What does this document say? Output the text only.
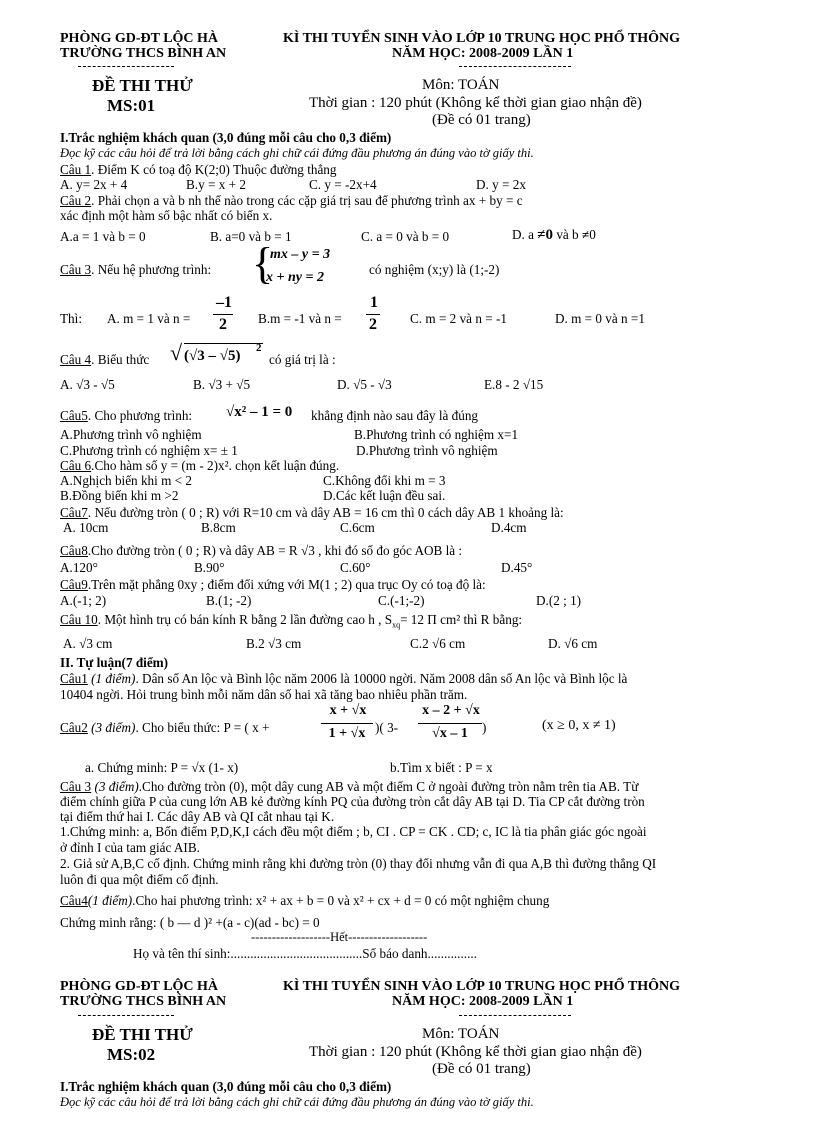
PHÒNG GD-ĐT LỘC HÀ
TRƯỜNG THCS BÌNH AN
KÌ THI TUYỂN SINH VÀO LỚP 10 TRUNG HỌC PHỔ THÔNG
NĂM HỌC: 2008-2009 LẦN 1
ĐỀ THI THỬ
MS:01
Môn: TOÁN
Thời gian : 120 phút (Không kể thời gian giao nhận đề)
(Đề có 01 trang)
I.Trắc nghiệm khách quan (3,0 đúng mỗi câu cho 0,3 điểm)
Đọc kỹ các câu hỏi để trả lời bằng cách ghi chữ cái đứng đầu phương án đúng vào tờ giấy thi.
Câu 1. Điểm K có toạ độ K(2;0) Thuộc đường thẳng
A. y= 2x + 4	B.y = x + 2	C. y = -2x+4	D. y = 2x
Câu 2. Phải chọn a và b nh thế nào trong các cặp giá trị sau để phương trình ax + by = c
xác định một hàm số bậc nhất có biến x.
A.a = 1 và b = 0	B. a=0 và b = 1	C. a = 0 và b = 0	D. a ≠0 và b ≠0
Câu 3. Nếu hệ phương trình: {
mx – y = 3
x + ny = 2
có nghiệm (x;y) là (1;-2)
Thì: A. m = 1 và n =
–1
2	B.m = -1 và n =
1
2	C. m = 2 và n = -1	D. m = 0 và n =1
Câu 4. Biểu thức √ (√3 – √5) 2
có giá trị là :
A. √3 - √5	B. √3 + √5	D. √5 - √3	E.8 - 2 √15
Câu5. Cho phương trình: √x² – 1 = 0 khẳng định nào sau đây là đúng
A.Phương trình vô nghiệm	B.Phương trình có nghiệm x=1
C.Phương trình có nghiệm x= ± 1	D.Phương trình vô nghiệm
Câu 6.Cho hàm số y = (m - 2)x². chọn kết luận đúng.
A.Nghịch biến khi m < 2	C.Không đổi khi m = 3
B.Đồng biến khi m >2	D.Các kết luận đều sai.
Câu7. Nếu đường tròn ( 0 ; R) với R=10 cm và dây AB = 16 cm thì 0 cách dây AB 1 khoảng là:
A. 10cm	B.8cm	C.6cm	D.4cm
Câu8.Cho đường tròn ( 0 ; R) và dây AB = R √3 , khi đó số đo góc AOB là :
A.120°	B.90°	C.60°	D.45°
Câu9.Trên mặt phẳng 0xy ; điểm đối xứng với M(1 ; 2) qua trục Oy có toạ độ là:
A.(-1; 2)	B.(1; -2)	C.(-1;-2)	D.(2 ; 1)
Câu 10. Một hình trụ có bán kính R bằng 2 lần đường cao h , $S_{xq}= 12$ Π cm² thì R bằng:
A. √3 cm	B.2 √3 cm	C.2 √6 cm	D. √6 cm
II. Tự luận(7 điểm)
Câu1 (1 điểm). Dân số An lộc và Bình lộc năm 2006 là 10000 ngời. Năm 2008 dân số An lộc và Bình lộc là
10404 ngời. Hỏi trung bình mỗi năm dân số hai xã tăng bao nhiêu phần trăm.
Câu2 (3 điểm). Cho biểu thức: P = ( x +
x + √x
1 + √x )( 3-
x – 2 + √x
√x – 1	)	(x ≥ 0, x ≠ 1)
a. Chứng minh: P = √x (1- x)	b.Tìm x biết : P = x
Câu 3 (3 điểm).Cho đường tròn (0), một dây cung AB và một điểm C ở ngoài đường tròn nằm trên tia AB. Từ
điểm chính giữa P của cung lớn AB kẻ đường kính PQ của đường tròn cắt dây AB tại D. Tia CP cắt đường tròn
tại điểm thứ hai I. Các dây AB và QI cắt nhau tại K.
1.Chứng minh: a, Bốn điểm P,D,K,I cách đều một điểm ; b, CI . CP = CK . CD; c, IC là tia phân giác góc ngoài
ở đỉnh I của tam giác AIB.
2. Giả sử A,B,C cố định. Chứng minh rằng khi đường tròn (0) thay đổi nhưng vẫn đi qua A,B thì đường thẳng QI
luôn đi qua một điểm cố định.
Câu4(1 điểm).Cho hai phương trình: x² + ax + b = 0 và x² + cx + d = 0 có một nghiệm chung
Chứng minh rằng: ( b — d )² +(a - c)(ad - bc) = 0
-------------------Hết-------------------
Họ và tên thí sinh:........................................Số báo danh...............
PHÒNG GD-ĐT LỘC HÀ
TRƯỜNG THCS BÌNH AN
KÌ THI TUYỂN SINH VÀO LỚP 10 TRUNG HỌC PHỔ THÔNG
NĂM HỌC: 2008-2009 LẦN 1
ĐỀ THI THỬ
MS:02
Môn: TOÁN
Thời gian : 120 phút (Không kể thời gian giao nhận đề)
(Đề có 01 trang)
I.Trắc nghiệm khách quan (3,0 đúng mỗi câu cho 0,3 điểm)
Đọc kỹ các câu hỏi để trả lời bằng cách ghi chữ cái đứng đầu phương án đúng vào tờ giấy thi.
